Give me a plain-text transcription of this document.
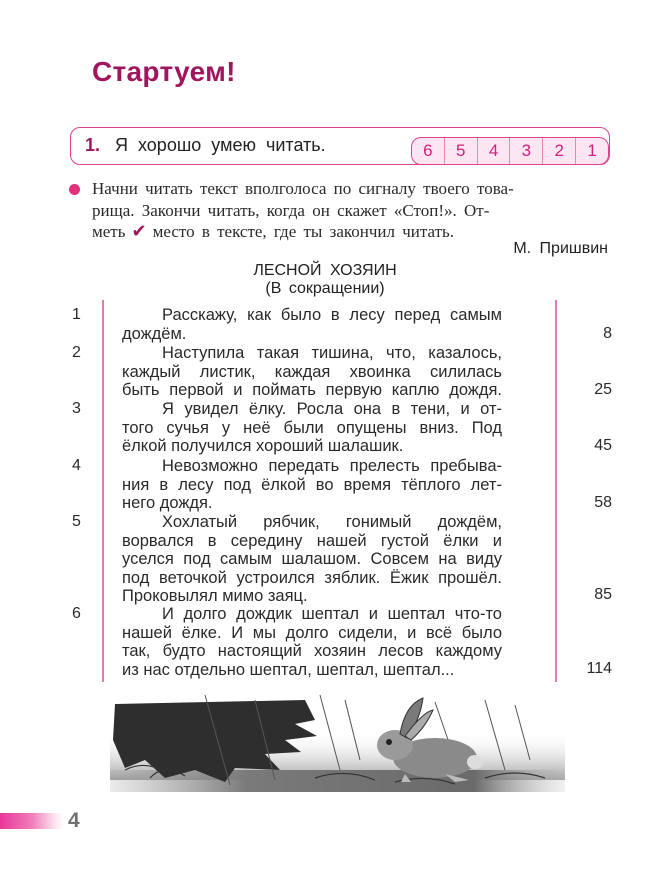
Стартуем!
1. Я хорошо умею читать.	6	5	4	3	2	1
Начни читать текст вполголоса по сигналу твоего това-
рища. Закончи читать, когда он скажет «Стоп!». От-
меть ✔ место в тексте, где ты закончил читать.
М. Пришвин
ЛЕСНОЙ ХОЗЯИН
(В сокращении)
1	Расскажу, как было в лесу перед самым
дождём.	8
2	Наступила такая тишина, что, казалось,
каждый листик, каждая хвоинка силилась
быть первой и поймать первую каплю дождя.	25
3	Я увидел ёлку. Росла она в тени, и от-
того сучья у неё были опущены вниз. Под
ёлкой получился хороший шалашик.	45
4	Невозможно передать прелесть пребыва-
ния в лесу под ёлкой во время тёплого лет-
него дождя.	58
5	Хохлатый рябчик, гонимый дождём,
ворвался в середину нашей густой ёлки и
уселся под самым шалашом. Совсем на виду
под веточкой устроился зяблик. Ёжик прошёл.
Проковылял мимо заяц.	85
6	И долго дождик шептал и шептал что-то
нашей ёлке. И мы долго сидели, и всё было
так, будто настоящий хозяин лесов каждому
из нас отдельно шептал, шептал, шептал...	114
4
